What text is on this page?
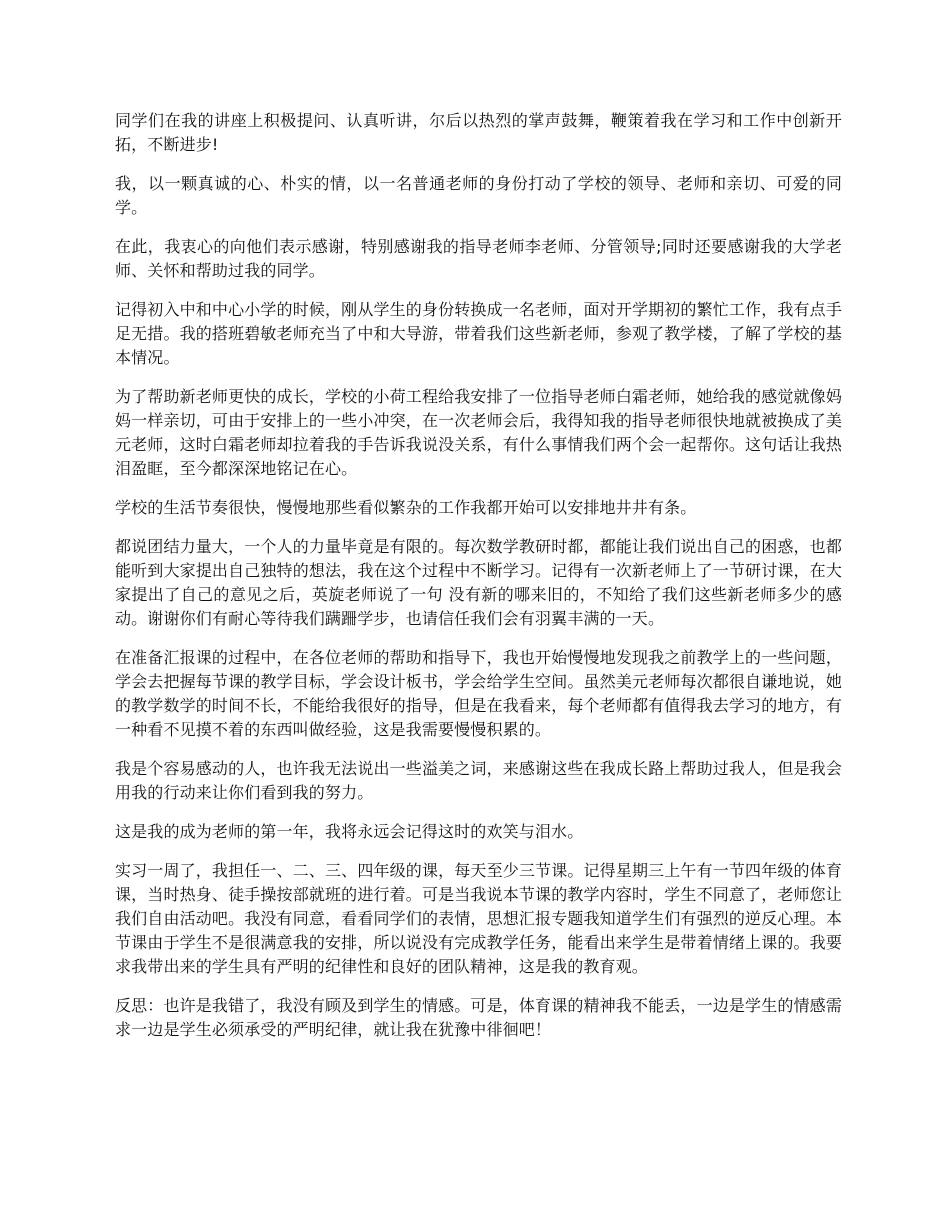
同学们在我的讲座上积极提问、认真听讲，尔后以热烈的掌声鼓舞，鞭策着我在学习和工作中创新开拓，不断进步!

我，以一颗真诚的心、朴实的情，以一名普通老师的身份打动了学校的领导、老师和亲切、可爱的同学。

在此，我衷心的向他们表示感谢，特别感谢我的指导老师李老师、分管领导;同时还要感谢我的大学老师、关怀和帮助过我的同学。

记得初入中和中心小学的时候，刚从学生的身份转换成一名老师，面对开学期初的繁忙工作，我有点手足无措。我的搭班碧敏老师充当了中和大导游，带着我们这些新老师，参观了教学楼，了解了学校的基本情况。

为了帮助新老师更快的成长，学校的小荷工程给我安排了一位指导老师白霜老师，她给我的感觉就像妈妈一样亲切，可由于安排上的一些小冲突，在一次老师会后，我得知我的指导老师很快地就被换成了美元老师，这时白霜老师却拉着我的手告诉我说没关系，有什么事情我们两个会一起帮你。这句话让我热泪盈眶，至今都深深地铭记在心。

学校的生活节奏很快，慢慢地那些看似繁杂的工作我都开始可以安排地井井有条。

都说团结力量大，一个人的力量毕竟是有限的。每次数学教研时都，都能让我们说出自己的困惑，也都能听到大家提出自己独特的想法，我在这个过程中不断学习。记得有一次新老师上了一节研讨课，在大家提出了自己的意见之后，英旋老师说了一句 没有新的哪来旧的，不知给了我们这些新老师多少的感动。谢谢你们有耐心等待我们蹒跚学步，也请信任我们会有羽翼丰满的一天。

在准备汇报课的过程中，在各位老师的帮助和指导下，我也开始慢慢地发现我之前教学上的一些问题，学会去把握每节课的教学目标，学会设计板书，学会给学生空间。虽然美元老师每次都很自谦地说，她的教学数学的时间不长，不能给我很好的指导，但是在我看来，每个老师都有值得我去学习的地方，有一种看不见摸不着的东西叫做经验，这是我需要慢慢积累的。

我是个容易感动的人，也许我无法说出一些溢美之词，来感谢这些在我成长路上帮助过我人，但是我会用我的行动来让你们看到我的努力。

这是我的成为老师的第一年，我将永远会记得这时的欢笑与泪水。

实习一周了，我担任一、二、三、四年级的课，每天至少三节课。记得星期三上午有一节四年级的体育课，当时热身、徒手操按部就班的进行着。可是当我说本节课的教学内容时，学生不同意了，老师您让我们自由活动吧。我没有同意，看看同学们的表情，思想汇报专题我知道学生们有强烈的逆反心理。本节课由于学生不是很满意我的安排，所以说没有完成教学任务，能看出来学生是带着情绪上课的。我要求我带出来的学生具有严明的纪律性和良好的团队精神，这是我的教育观。

反思：也许是我错了，我没有顾及到学生的情感。可是，体育课的精神我不能丢，一边是学生的情感需求一边是学生必须承受的严明纪律，就让我在犹豫中徘徊吧！
